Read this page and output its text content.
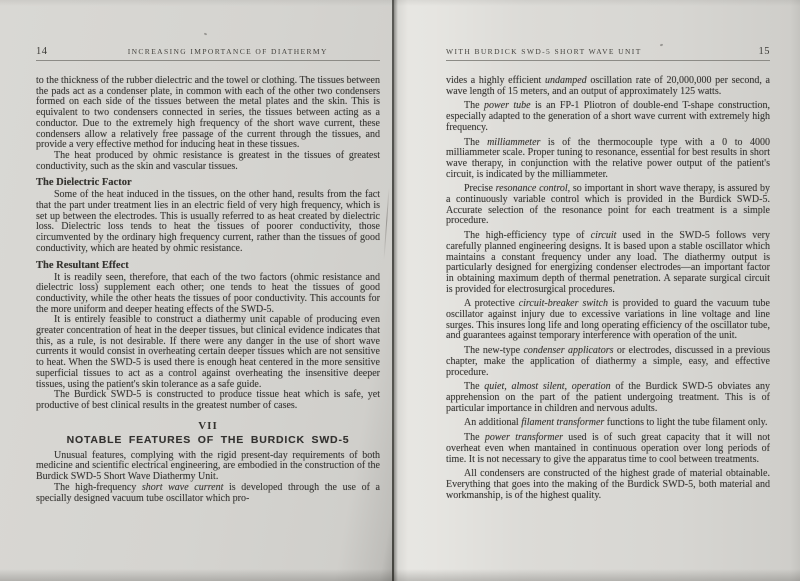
14	INCREASING IMPORTANCE OF DIATHERMY

to the thickness of the rubber dielectric and the towel or clothing. The tissues between the pads act as a condenser plate, in common with each of the other two condensers formed on each side of the tissues between the metal plates and the skin. This is equivalent to two condensers connected in series, the tissues between acting as a conductor. Due to the extremely high frequency of the short wave current, these condensers allow a relatively free passage of the current through the tissues, and provide a very effective method for inducing heat in these tissues.

The heat produced by ohmic resistance is greatest in the tissues of greatest conductivity, such as the skin and vascular tissues.

The Dielectric Factor

Some of the heat induced in the tissues, on the other hand, results from the fact that the part under treatment lies in an electric field of very high frequency, which is set up between the electrodes. This is usually referred to as heat created by dielectric loss. Dielectric loss tends to heat the tissues of poorer conductivity, those circumvented by the ordinary high frequency current, rather than the tissues of good conductivity, which are heated by ohmic resistance.

The Resultant Effect

It is readily seen, therefore, that each of the two factors (ohmic resistance and dielectric loss) supplement each other; one tends to heat the tissues of good conductivity, while the other heats the tissues of poor conductivity. This accounts for the more uniform and deeper heating effects of the SWD-5.

It is entirely feasible to construct a diathermy unit capable of producing even greater concentration of heat in the deeper tissues, but clinical evidence indicates that this, as a rule, is not desirable. If there were any danger in the use of short wave currents it would consist in overheating certain deeper tissues which are not sensitive to heat. When the SWD-5 is used there is enough heat centered in the more sensitive superficial tissues to act as a control against overheating the insensitive deeper tissues, using the patient's skin tolerance as a safe guide.

The Burdick SWD-5 is constructed to produce tissue heat which is safe, yet productive of best clinical results in the greatest number of cases.

VII
NOTABLE FEATURES OF THE BURDICK SWD-5

Unusual features, complying with the rigid present-day requirements of both medicine and scientific electrical engineering, are embodied in the construction of the Burdick SWD-5 Short Wave Diathermy Unit.

The high-frequency short wave current is developed through the use of a specially designed vacuum tube oscillator which pro-

WITH BURDICK SWD-5 SHORT WAVE UNIT	15

vides a highly efficient undamped oscillation rate of 20,000,000 per second, a wave length of 15 meters, and an output of approximately 125 watts.

The power tube is an FP-1 Pliotron of double-end T-shape construction, especially adapted to the generation of a short wave current with extremely high frequency.

The milliammeter is of the thermocouple type with a 0 to 4000 milliammeter scale. Proper tuning to resonance, essential for best results in short wave therapy, in conjunction with the relative power output of the patient's circuit, is indicated by the milliammeter.

Precise resonance control, so important in short wave therapy, is assured by a continuously variable control which is provided in the Burdick SWD-5. Accurate selection of the resonance point for each treatment is a simple procedure.

The high-efficiency type of circuit used in the SWD-5 follows very carefully planned engineering designs. It is based upon a stable oscillator which maintains a constant frequency under any load. The diathermy output is particularly designed for energizing condenser electrodes—an important factor in obtaining maximum depth of thermal penetration. A separate surgical circuit is provided for electrosurgical procedures.

A protective circuit-breaker switch is provided to guard the vacuum tube oscillator against injury due to excessive variations in line voltage and line surges. This insures long life and long operating efficiency of the oscillator tube, and guarantees against temporary interference with operation of the unit.

The new-type condenser applicators or electrodes, discussed in a previous chapter, make the application of diathermy a simple, easy, and effective procedure.

The quiet, almost silent, operation of the Burdick SWD-5 obviates any apprehension on the part of the patient undergoing treatment. This is of particular importance in children and nervous adults.

An additional filament transformer functions to light the tube filament only.

The power transformer used is of such great capacity that it will not overheat even when mantained in continuous operation over long periods of time. It is not necessary to give the apparatus time to cool between treatments.

All condensers are constructed of the highest grade of material obtainable. Everything that goes into the making of the Burdick SWD-5, both material and workmanship, is of the highest quality.
